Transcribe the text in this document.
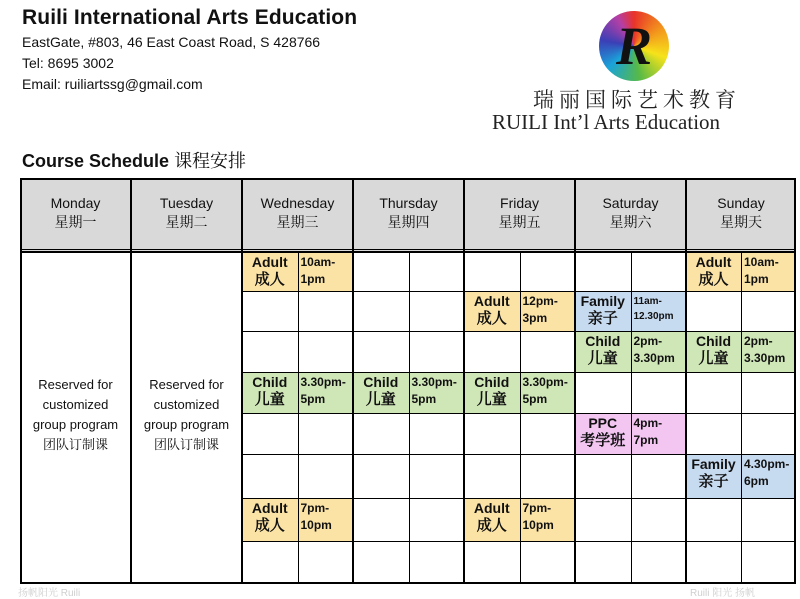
Ruili International Arts Education
EastGate, #803, 46 East Coast Road, S 428766
Tel: 8695 3002
Email: ruiliartssg@gmail.com
R
瑞丽国际艺术教育
RUILI Int’l Arts Education
Course Schedule 课程安排
Monday
星期一
Tuesday
星期二
Wednesday
星期三
Thursday
星期四
Friday
星期五
Saturday
星期六
Sunday
星期天
Reserved for
customized
group program
团队订制课
Reserved for
customized
group program
团队订制课
Adult
成人
10am-
1pm
Adult
成人
10am-
1pm
Adult
成人
12pm-
3pm
Family
亲子
11am-
12.30pm
Child
儿童
2pm-
3.30pm
Child
儿童
2pm-
3.30pm
Child
儿童
3.30pm-
5pm
Child
儿童
3.30pm-
5pm
Child
儿童
3.30pm-
5pm
PPC
考学班
4pm-
7pm
Family
亲子
4.30pm-
6pm
Adult
成人
7pm-
10pm
Adult
成人
7pm-
10pm
扬帆阳光 Ruili	Ruili 阳光 扬帆
